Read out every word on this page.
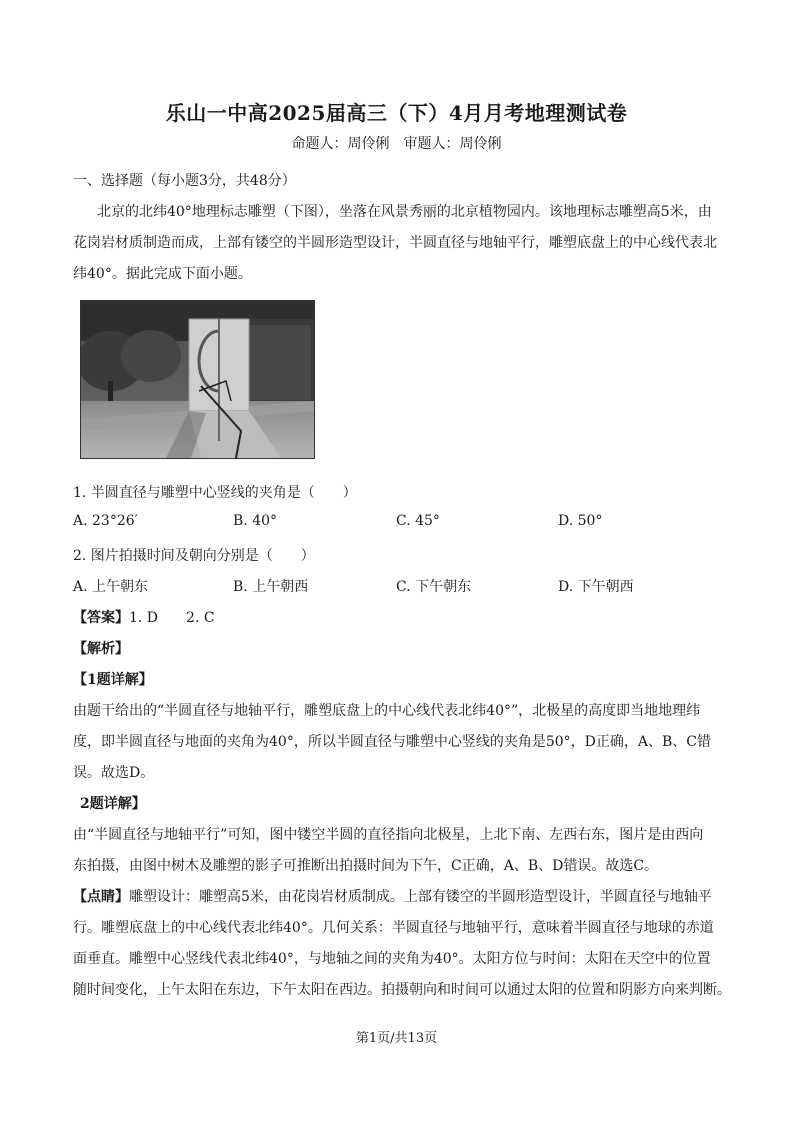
乐山一中高2025届高三（下）4月月考地理测试卷
命题人：周伶俐　审题人：周伶俐
一、选择题（每小题3分，共48分）
北京的北纬40°地理标志雕塑（下图），坐落在风景秀丽的北京植物园内。该地理标志雕塑高5米，由
花岗岩材质制造而成，上部有镂空的半圆形造型设计，半圆直径与地轴平行，雕塑底盘上的中心线代表北
纬40°。据此完成下面小题。
1. 半圆直径与雕塑中心竖线的夹角是（　　）
A. 23°26′	B. 40°	C. 45°	D. 50°
2. 图片拍摄时间及朝向分别是（　　）
A. 上午朝东	B. 上午朝西	C. 下午朝东	D. 下午朝西
【答案】1. D　　2. C
【解析】
【1题详解】
由题干给出的“半圆直径与地轴平行，雕塑底盘上的中心线代表北纬40°”，北极星的高度即当地地理纬
度，即半圆直径与地面的夹角为40°，所以半圆直径与雕塑中心竖线的夹角是50°，D正确，A、B、C错
误。故选D。
2题详解】
由“半圆直径与地轴平行”可知，图中镂空半圆的直径指向北极星，上北下南、左西右东，图片是由西向
东拍摄，由图中树木及雕塑的影子可推断出拍摄时间为下午，C正确，A、B、D错误。故选C。
【点睛】雕塑设计：雕塑高5米，由花岗岩材质制成。上部有镂空的半圆形造型设计，半圆直径与地轴平
行。雕塑底盘上的中心线代表北纬40°。几何关系：半圆直径与地轴平行，意味着半圆直径与地球的赤道
面垂直。雕塑中心竖线代表北纬40°，与地轴之间的夹角为40°。太阳方位与时间：太阳在天空中的位置
随时间变化，上午太阳在东边，下午太阳在西边。拍摄朝向和时间可以通过太阳的位置和阴影方向来判断。
第1页/共13页
